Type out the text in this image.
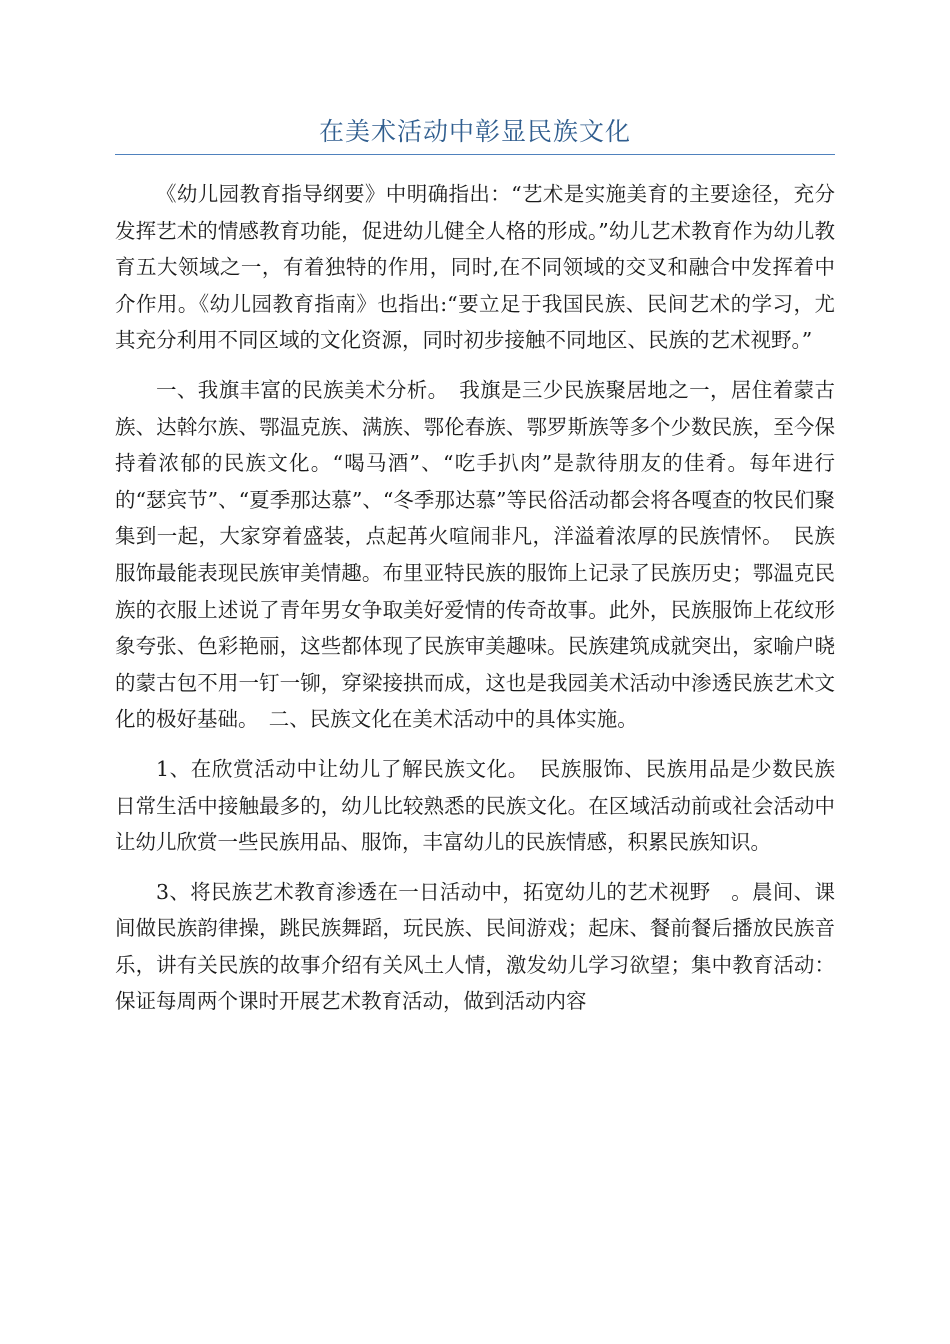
在美术活动中彰显民族文化

《幼儿园教育指导纲要》中明确指出：“艺术是实施美育的主要途径，充分发挥艺术的情感教育功能，促进幼儿健全人格的形成。”幼儿艺术教育作为幼儿教育五大领域之一，有着独特的作用，同时,在不同领域的交叉和融合中发挥着中介作用。《幼儿园教育指南》也指出:“要立足于我国民族、民间艺术的学习，尤其充分利用不同区域的文化资源，同时初步接触不同地区、民族的艺术视野。”

一、我旗丰富的民族美术分析。　我旗是三少民族聚居地之一，居住着蒙古族、达斡尔族、鄂温克族、满族、鄂伦春族、鄂罗斯族等多个少数民族，至今保持着浓郁的民族文化。“喝马酒”、“吃手扒肉”是款待朋友的佳肴。每年进行的“瑟宾节”、“夏季那达慕”、“冬季那达慕”等民俗活动都会将各嘎查的牧民们聚集到一起，大家穿着盛装，点起苒火喧闹非凡，洋溢着浓厚的民族情怀。　民族服饰最能表现民族审美情趣。布里亚特民族的服饰上记录了民族历史；鄂温克民族的衣服上述说了青年男女争取美好爱情的传奇故事。此外，民族服饰上花纹形象夸张、色彩艳丽，这些都体现了民族审美趣味。民族建筑成就突出，家喻户晓的蒙古包不用一钉一铆，穿梁接拱而成，这也是我园美术活动中渗透民族艺术文化的极好基础。　二、民族文化在美术活动中的具体实施。

1、在欣赏活动中让幼儿了解民族文化。　民族服饰、民族用品是少数民族日常生活中接触最多的，幼儿比较熟悉的民族文化。在区域活动前或社会活动中让幼儿欣赏一些民族用品、服饰，丰富幼儿的民族情感，积累民族知识。

3、将民族艺术教育渗透在一日活动中，拓宽幼儿的艺术视野　。晨间、课间做民族韵律操，跳民族舞蹈，玩民族、民间游戏；起床、餐前餐后播放民族音乐，讲有关民族的故事介绍有关风土人情，激发幼儿学习欲望；集中教育活动：保证每周两个课时开展艺术教育活动，做到活动内容
